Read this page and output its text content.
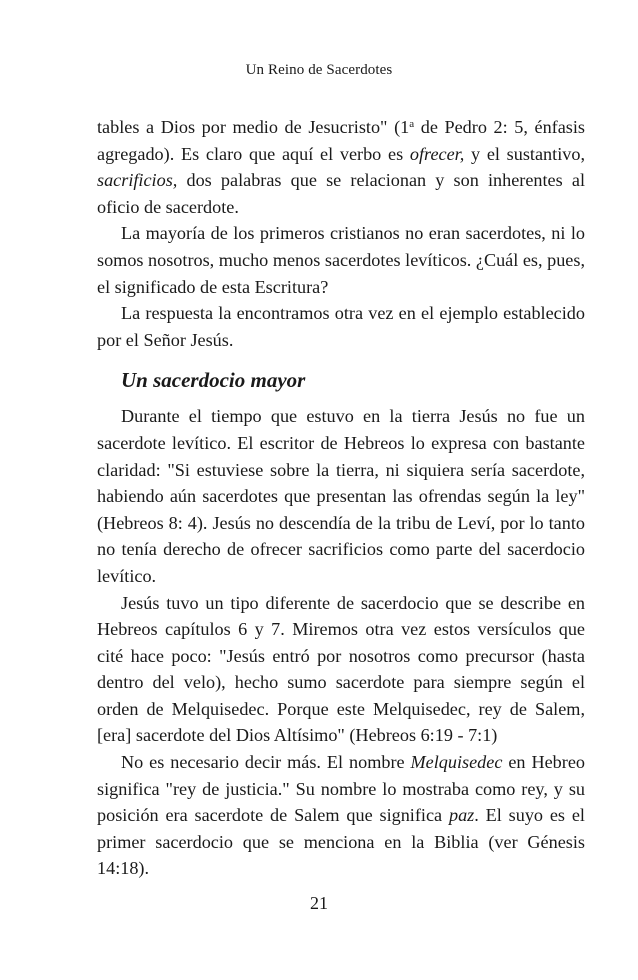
Un Reino de Sacerdotes

tables a Dios por medio de Jesucristo" (1$^a$ de Pedro 2: 5, énfasis agregado). Es claro que aquí el verbo es ofrecer, y el sustantivo, sacrificios, dos palabras que se relacionan y son inherentes al oficio de sacerdote.

La mayoría de los primeros cristianos no eran sacerdotes, ni lo somos nosotros, mucho menos sacerdotes levíticos. ¿Cuál es, pues, el significado de esta Escritura?

La respuesta la encontramos otra vez en el ejemplo establecido por el Señor Jesús.

Un sacerdocio mayor

Durante el tiempo que estuvo en la tierra Jesús no fue un sacerdote levítico. El escritor de Hebreos lo expresa con bastante claridad: "Si estuviese sobre la tierra, ni siquiera sería sacerdote, habiendo aún sacerdotes que presentan las ofrendas según la ley" (Hebreos 8: 4). Jesús no descendía de la tribu de Leví, por lo tanto no tenía derecho de ofrecer sacrificios como parte del sacerdocio levítico.

Jesús tuvo un tipo diferente de sacerdocio que se describe en Hebreos capítulos 6 y 7. Miremos otra vez estos versículos que cité hace poco: "Jesús entró por nosotros como precursor (hasta dentro del velo), hecho sumo sacerdote para siempre según el orden de Melquisedec. Porque este Melquisedec, rey de Salem, [era] sacerdote del Dios Altísimo" (Hebreos 6:19 - 7:1)

No es necesario decir más. El nombre Melquisedec en Hebreo significa "rey de justicia." Su nombre lo mostraba como rey, y su posición era sacerdote de Salem que significa paz. El suyo es el primer sacerdocio que se menciona en la Biblia (ver Génesis 14:18).

21
